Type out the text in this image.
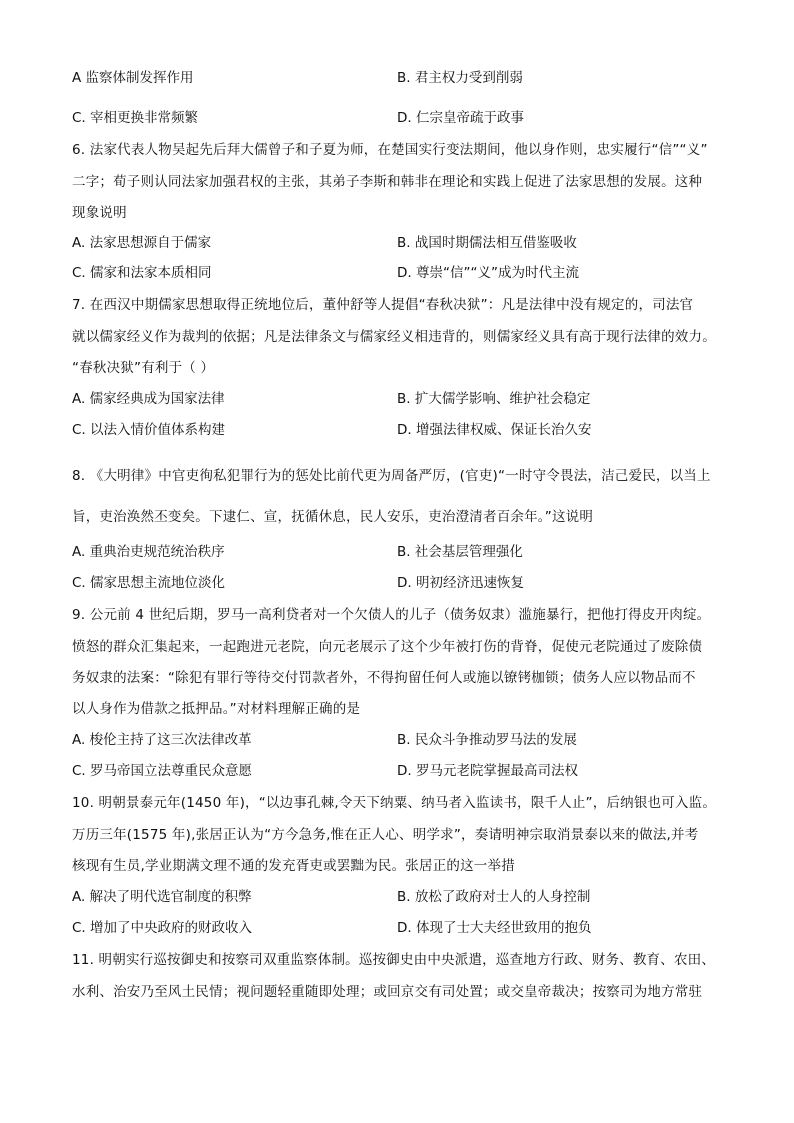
A 监察体制发挥作用	B. 君主权力受到削弱
C. 宰相更换非常频繁	D. 仁宗皇帝疏于政事
6. 法家代表人物吴起先后拜大儒曾子和子夏为师，在楚国实行变法期间，他以身作则，忠实履行“信”“义”
二字；荀子则认同法家加强君权的主张，其弟子李斯和韩非在理论和实践上促进了法家思想的发展。这种
现象说明
A. 法家思想源自于儒家	B. 战国时期儒法相互借鉴吸收
C. 儒家和法家本质相同	D. 尊崇“信”“义”成为时代主流
7. 在西汉中期儒家思想取得正统地位后，董仲舒等人提倡“春秋决狱”：凡是法律中没有规定的，司法官
就以儒家经义作为裁判的依据；凡是法律条文与儒家经义相违背的，则儒家经义具有高于现行法律的效力。
“春秋决狱”有利于（ ）
A. 儒家经典成为国家法律	B. 扩大儒学影响、维护社会稳定
C. 以法入情价值体系构建	D. 增强法律权威、保证长治久安
8. 《大明律》中官吏徇私犯罪行为的惩处比前代更为周备严厉，(官吏)“一时守令畏法，洁己爱民，以当上
旨，吏治涣然丕变矣。下逮仁、宣，抚循休息，民人安乐，吏治澄清者百余年。”这说明
A. 重典治吏规范统治秩序	B. 社会基层管理强化
C. 儒家思想主流地位淡化	D. 明初经济迅速恢复
9. 公元前 4 世纪后期，罗马一高利贷者对一个欠债人的儿子（债务奴隶）滥施暴行，把他打得皮开肉绽。
愤怒的群众汇集起来，一起跑进元老院，向元老展示了这个少年被打伤的背脊，促使元老院通过了废除债
务奴隶的法案：“除犯有罪行等待交付罚款者外，不得拘留任何人或施以镣铐枷锁；债务人应以物品而不
以人身作为借款之抵押品。”对材料理解正确的是
A. 梭伦主持了这三次法律改革	B. 民众斗争推动罗马法的发展
C. 罗马帝国立法尊重民众意愿	D. 罗马元老院掌握最高司法权
10. 明朝景泰元年(1450 年)，“以边事孔棘,令天下纳粟、纳马者入监读书，限千人止”，后纳银也可入监。
万历三年(1575 年),张居正认为“方今急务,惟在正人心、明学求”，奏请明神宗取消景泰以来的做法,并考
核现有生员,学业期满文理不通的发充胥吏或罢黜为民。张居正的这一举措
A. 解决了明代选官制度的积弊	B. 放松了政府对士人的人身控制
C. 增加了中央政府的财政收入	D. 体现了士大夫经世致用的抱负
11. 明朝实行巡按御史和按察司双重监察体制。巡按御史由中央派遣，巡查地方行政、财务、教育、农田、
水利、治安乃至风土民情；视问题轻重随即处理；或回京交有司处置；或交皇帝裁决；按察司为地方常驻
